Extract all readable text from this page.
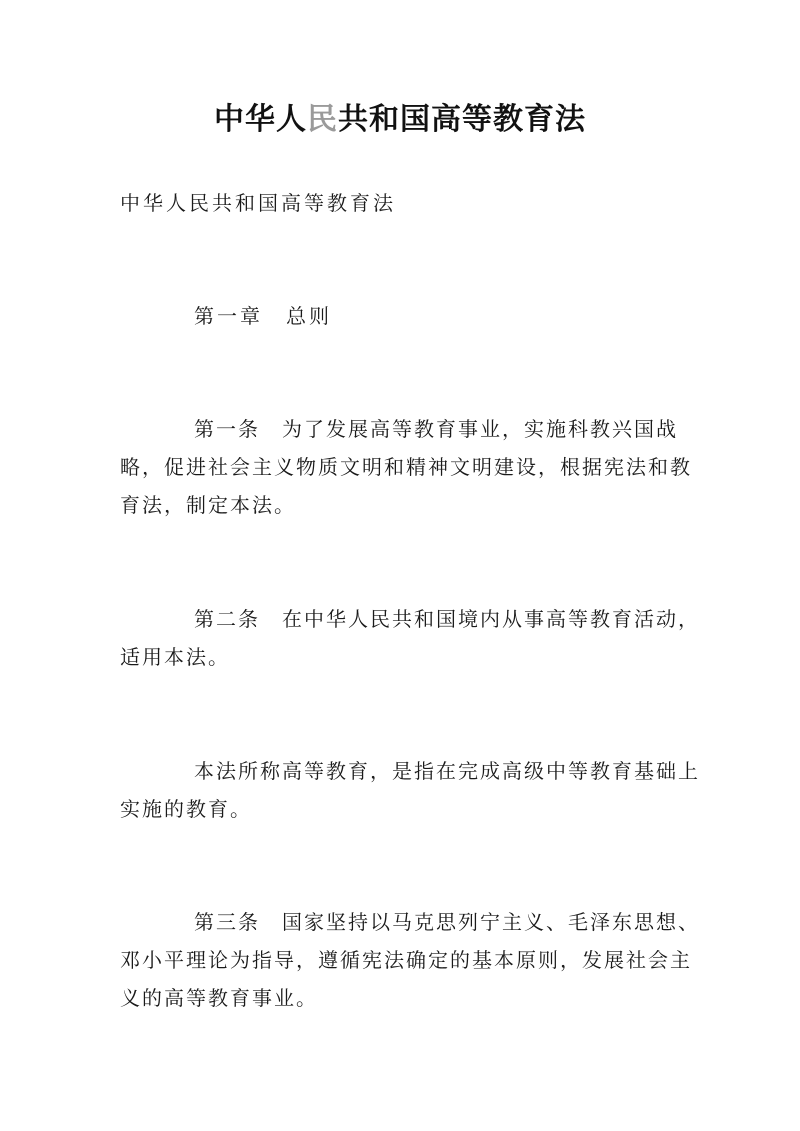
中华人民共和国高等教育法
中华人民共和国高等教育法
第一章　总则

第一条　为了发展高等教育事业，实施科教兴国战略，促进社会主义物质文明和精神文明建设，根据宪法和教育法，制定本法。

第二条　在中华人民共和国境内从事高等教育活动，适用本法。

本法所称高等教育，是指在完成高级中等教育基础上实施的教育。

第三条　国家坚持以马克思列宁主义、毛泽东思想、邓小平理论为指导，遵循宪法确定的基本原则，发展社会主义的高等教育事业。
